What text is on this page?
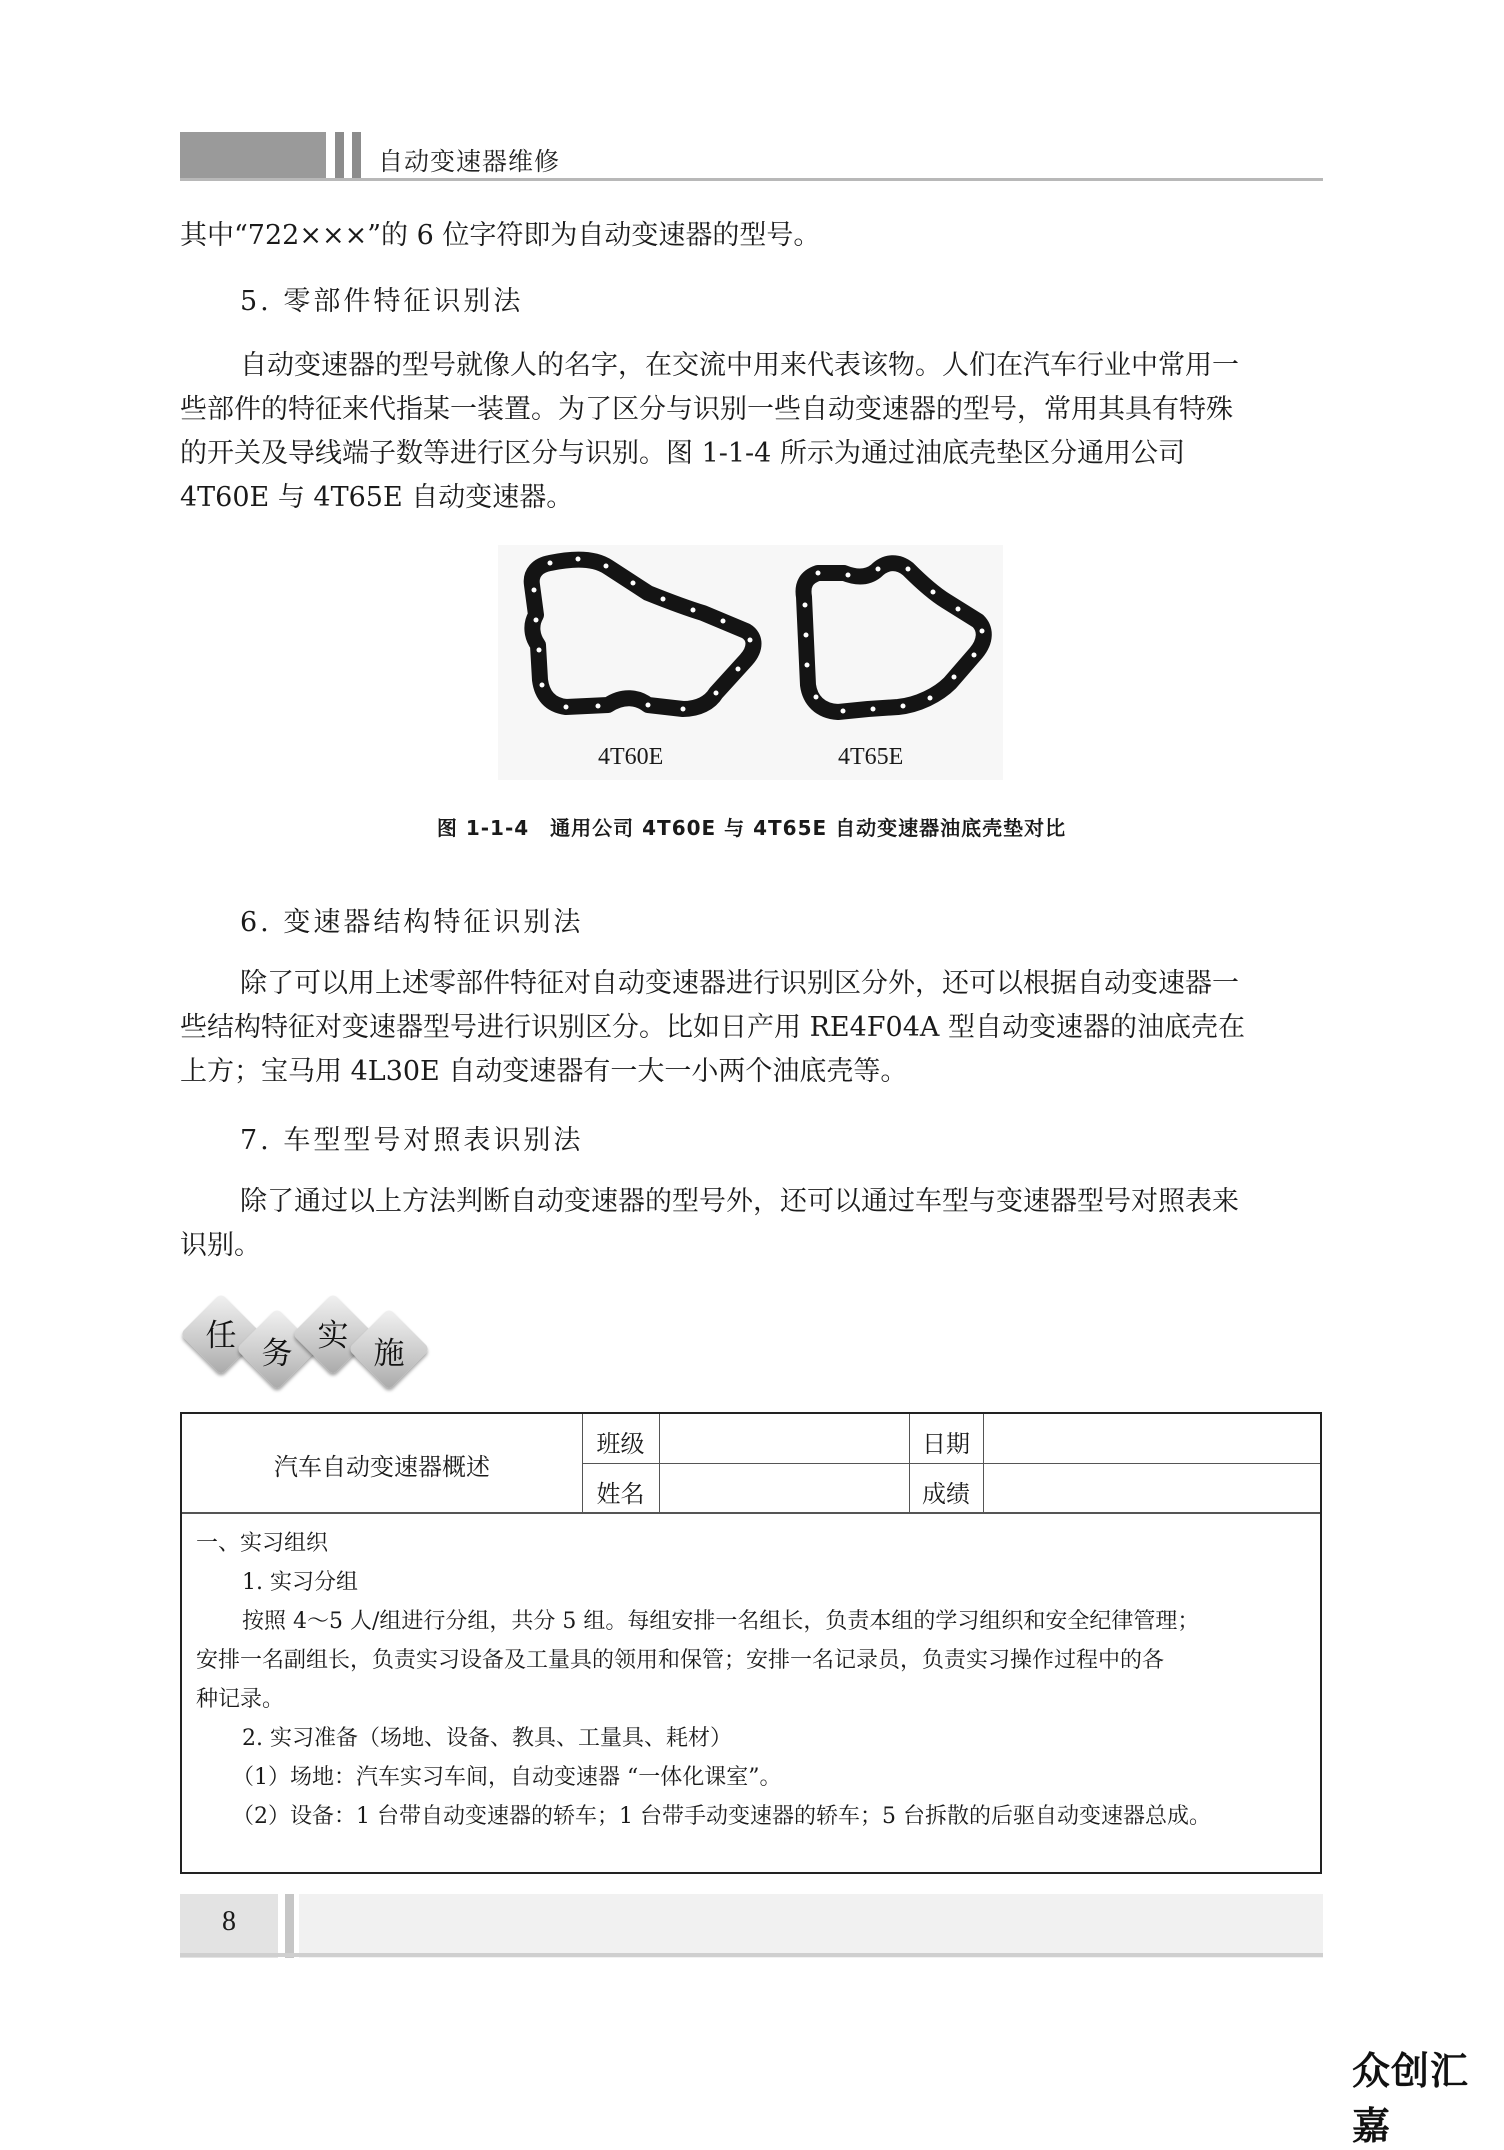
自动变速器维修
其中“722×××”的 6 位字符即为自动变速器的型号。
5. 零部件特征识别法
自动变速器的型号就像人的名字，在交流中用来代表该物。人们在汽车行业中常用一
些部件的特征来代指某一装置。为了区分与识别一些自动变速器的型号，常用其具有特殊
的开关及导线端子数等进行区分与识别。图 1-1-4 所示为通过油底壳垫区分通用公司
4T60E 与 4T65E 自动变速器。
4T60E	4T65E
图 1-1-4　通用公司 4T60E 与 4T65E 自动变速器油底壳垫对比
6. 变速器结构特征识别法
除了可以用上述零部件特征对自动变速器进行识别区分外，还可以根据自动变速器一
些结构特征对变速器型号进行识别区分。比如日产用 RE4F04A 型自动变速器的油底壳在
上方；宝马用 4L30E 自动变速器有一大一小两个油底壳等。
7. 车型型号对照表识别法
除了通过以上方法判断自动变速器的型号外，还可以通过车型与变速器型号对照表来
识别。
任 务 实 施
汽车自动变速器概述
班级
姓名
日期
成绩
一、实习组织
1. 实习分组
按照 4～5 人/组进行分组，共分 5 组。每组安排一名组长，负责本组的学习组织和安全纪律管理；
安排一名副组长，负责实习设备及工量具的领用和保管；安排一名记录员，负责实习操作过程中的各
种记录。
2. 实习准备（场地、设备、教具、工量具、耗材）
（1）场地：汽车实习车间，自动变速器 “一体化课室”。
（2）设备：1 台带自动变速器的轿车；1 台带手动变速器的轿车；5 台拆散的后驱自动变速器总成。
8
众创汇嘉
